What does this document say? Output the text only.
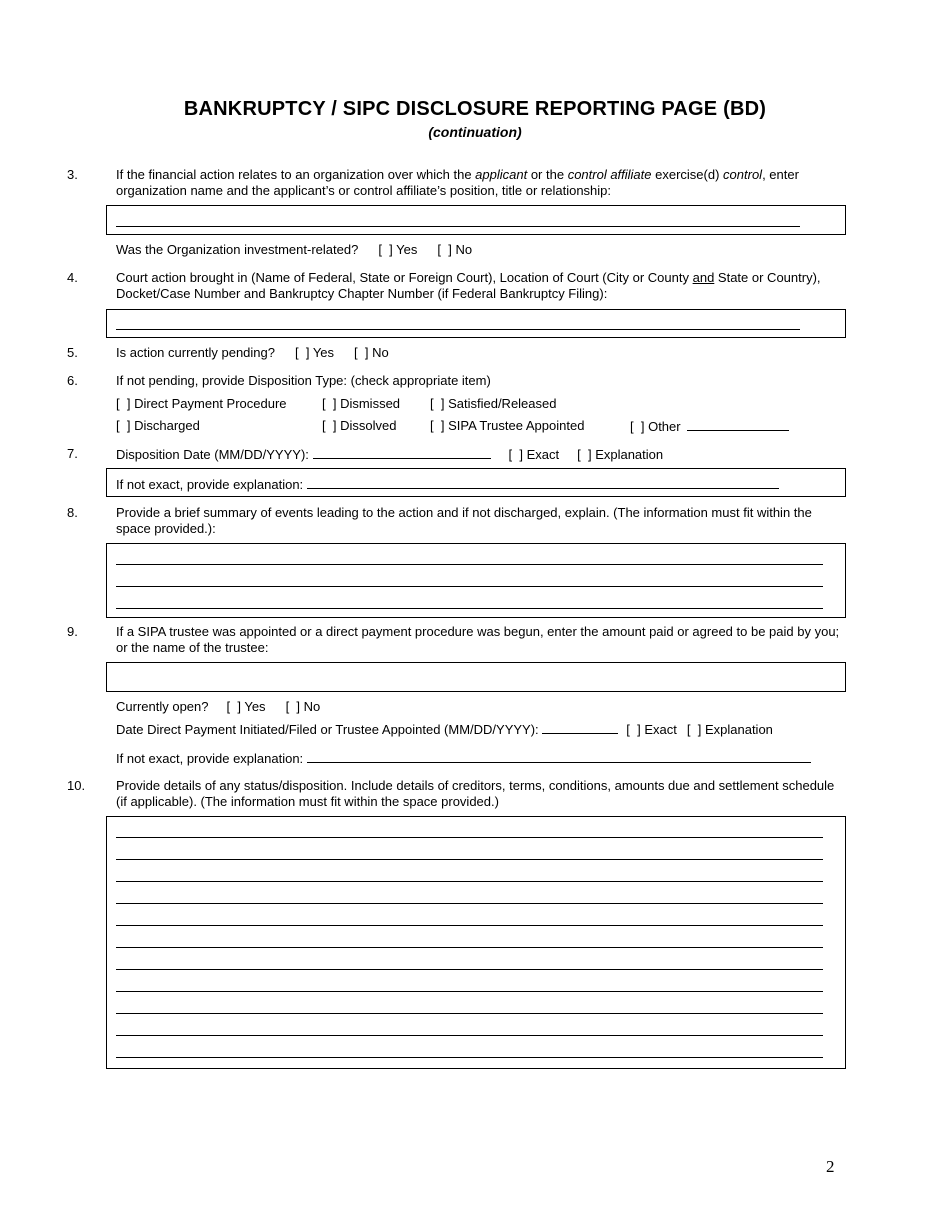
BANKRUPTCY / SIPC DISCLOSURE REPORTING PAGE (BD)
(continuation)
3.	If the financial action relates to an organization over which the applicant or the control affiliate exercise(d) control, enter organization name and the applicant’s or control affiliate’s position, title or relationship:
Was the Organization investment-related? [  ] Yes [  ] No
4.	Court action brought in (Name of Federal, State or Foreign Court), Location of Court (City or County and State or Country), Docket/Case Number and Bankruptcy Chapter Number (if Federal Bankruptcy Filing):
5.	Is action currently pending? [  ] Yes [  ] No
6.	If not pending, provide Disposition Type: (check appropriate item)
[  ] Direct Payment Procedure	[  ] Dismissed [  ] Satisfied/Released
[  ] Discharged	[  ] Dissolved	[  ] SIPA Trustee Appointed	[  ] Other
7.	Disposition Date (MM/DD/YYYY):	[  ] Exact [  ] Explanation
If not exact, provide explanation:
8.	Provide a brief summary of events leading to the action and if not discharged, explain. (The information must fit within the space provided.):
9.	If a SIPA trustee was appointed or a direct payment procedure was begun, enter the amount paid or agreed to be paid by you; or the name of the trustee:
Currently open? [  ] Yes [  ] No
Date Direct Payment Initiated/Filed or Trustee Appointed (MM/DD/YYYY):	[  ] Exact [  ] Explanation
If not exact, provide explanation:
10. Provide details of any status/disposition. Include details of creditors, terms, conditions, amounts due and settlement schedule (if applicable). (The information must fit within the space provided.)
2
